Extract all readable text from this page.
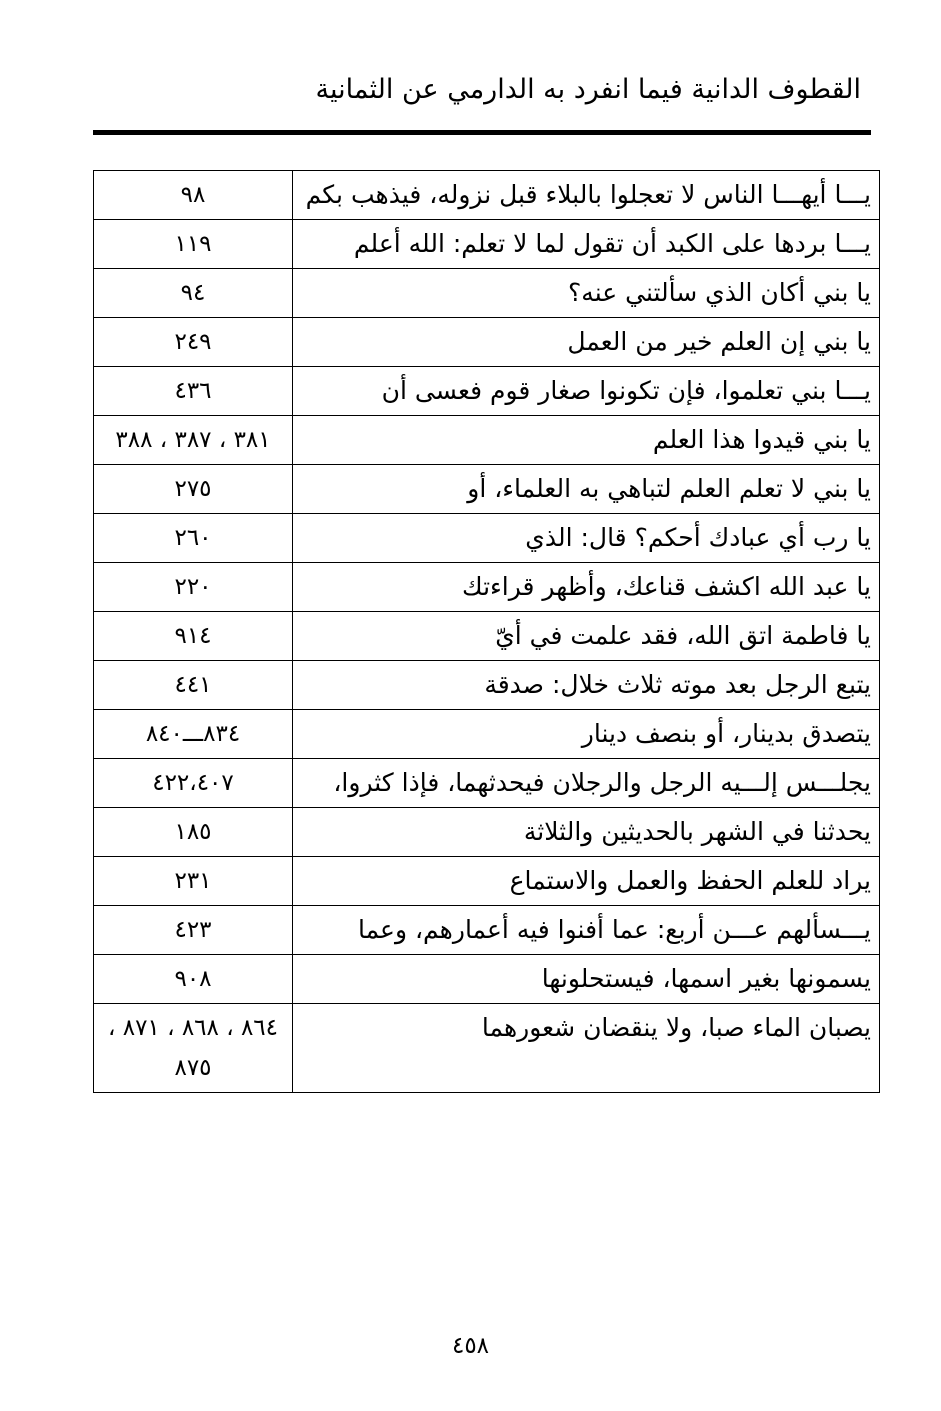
القطوف الدانية فيما انفرد به الدارمي عن الثمانية
يـــا أيهـــا الناس لا تعجلوا بالبلاء قبل نزوله، فيذهب بكم	٩٨
يـــا بردها على الكبد أن تقول لما لا تعلم: الله أعلم	١١٩
يا بني أكان الذي سألتني عنه؟	٩٤
يا بني إن العلم خير من العمل	٢٤٩
يـــا بني تعلموا، فإن تكونوا صغار قوم فعسى أن	٤٣٦
يا بني قيدوا هذا العلم	٣٨١ ، ٣٨٧ ، ٣٨٨
يا بني لا تعلم العلم لتباهي به العلماء، أو	٢٧٥
يا رب أي عبادك أحكم؟ قال: الذي	٢٦٠
يا عبد الله اكشف قناعك، وأظهر قراءتك	٢٢٠
يا فاطمة اتق الله، فقد علمت في أيّ	٩١٤
يتبع الرجل بعد موته ثلاث خلال: صدقة	٤٤١
يتصدق بدينار، أو بنصف دينار	٨٣٤ـــ٨٤٠
يجلـــس إلـــيه الرجل والرجلان فيحدثهما، فإذا كثروا،	٤٢٢،٤٠٧
يحدثنا في الشهر بالحديثين والثلاثة	١٨٥
يراد للعلم الحفظ والعمل والاستماع	٢٣١
يـــسألهم عـــن أربع: عما أفنوا فيه أعمارهم، وعما	٤٢٣
يسمونها بغير اسمها، فيستحلونها	٩٠٨
يصبان الماء صبا، ولا ينقضان شعورهما	٨٦٤ ، ٨٦٨ ، ٨٧١ ، ٨٧٥
٤٥٨
